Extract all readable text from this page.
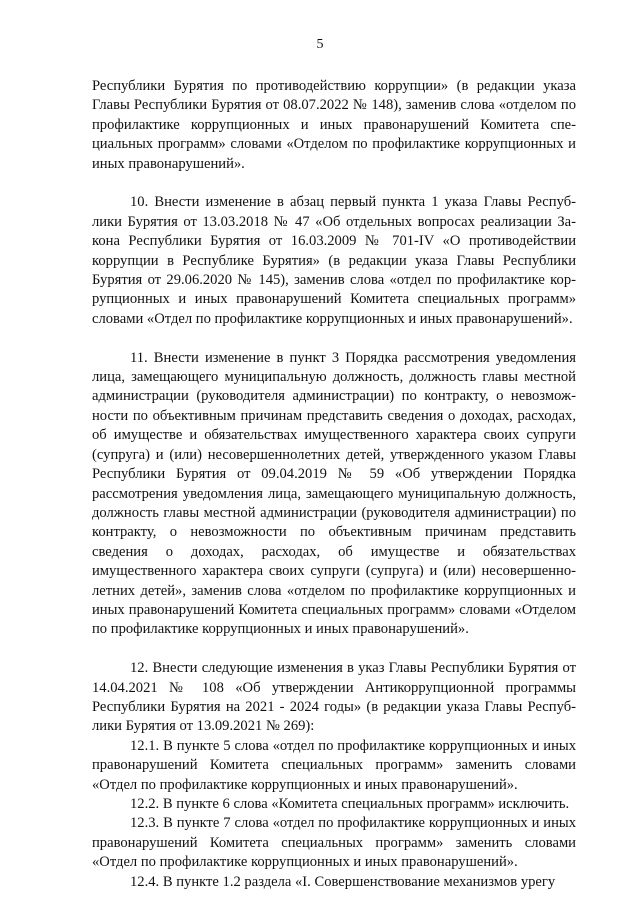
5

Республики Бурятия по противодействию коррупции» (в редакции указа Главы Республики Бурятия от 08.07.2022 № 148), заменив слова «отделом по профилактике коррупционных и иных правонарушений Комитета специальных программ» словами «Отделом по профилактике коррупционных и иных правонарушений».

10. Внести изменение в абзац первый пункта 1 указа Главы Республики Бурятия от 13.03.2018 № 47 «Об отдельных вопросах реализации Закона Республики Бурятия от 16.03.2009 № 701-IV «О противодействии коррупции в Республике Бурятия» (в редакции указа Главы Республики Бурятия от 29.06.2020 № 145), заменив слова «отдел по профилактике коррупционных и иных правонарушений Комитета специальных программ» словами «Отдел по профилактике коррупционных и иных правонарушений».

11. Внести изменение в пункт 3 Порядка рассмотрения уведомления лица, замещающего муниципальную должность, должность главы местной администрации (руководителя администрации) по контракту, о невозможности по объективным причинам представить сведения о доходах, расходах, об имуществе и обязательствах имущественного характера своих супруги (супруга) и (или) несовершеннолетних детей, утвержденного указом Главы Республики Бурятия от 09.04.2019 № 59 «Об утверждении Порядка рассмотрения уведомления лица, замещающего муниципальную должность, должность главы местной администрации (руководителя администрации) по контракту, о невозможности по объективным причинам представить сведения о доходах, расходах, об имуществе и обязательствах имущественного характера своих супруги (супруга) и (или) несовершеннолетних детей», заменив слова «отделом по профилактике коррупционных и иных правонарушений Комитета специальных программ» словами «Отделом по профилактике коррупционных и иных правонарушений».

12. Внести следующие изменения в указ Главы Республики Бурятия от 14.04.2021 № 108 «Об утверждении Антикоррупционной программы Республики Бурятия на 2021 - 2024 годы» (в редакции указа Главы Республики Бурятия от 13.09.2021 № 269):

12.1. В пункте 5 слова «отдел по профилактике коррупционных и иных правонарушений Комитета специальных программ» заменить словами «Отдел по профилактике коррупционных и иных правонарушений».

12.2. В пункте 6 слова «Комитета специальных программ» исключить.

12.3. В пункте 7 слова «отдел по профилактике коррупционных и иных правонарушений Комитета специальных программ» заменить словами «Отдел по профилактике коррупционных и иных правонарушений».

12.4. В пункте 1.2 раздела «I. Совершенствование механизмов урегу
